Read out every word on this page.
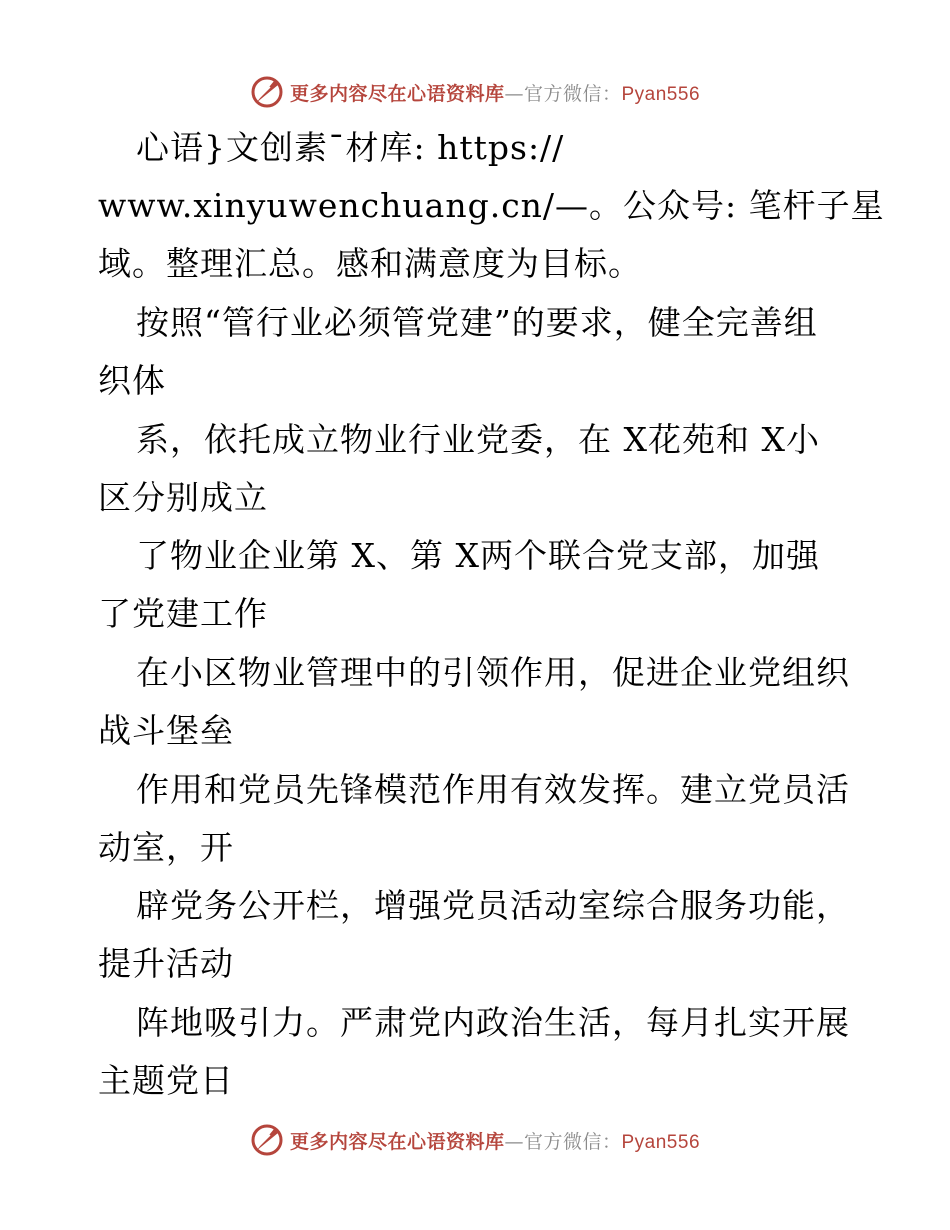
更多内容尽在心语资料库—官方微信：Pyan556
心语}文创素¯材库: https://
www.xinyuwenchuang.cn/—。公众号: 笔杆子星
域。整理汇总。感和满意度为目标。
按照“管行业必须管党建”的要求，健全完善组
织体
系，依托成立物业行业党委，在 X花苑和 X小
区分别成立
了物业企业第 X、第 X两个联合党支部，加强
了党建工作
在小区物业管理中的引领作用，促进企业党组织
战斗堡垒
作用和党员先锋模范作用有效发挥。建立党员活
动室，开
辟党务公开栏，增强党员活动室综合服务功能，
提升活动
阵地吸引力。严肃党内政治生活，每月扎实开展
主题党日
更多内容尽在心语资料库—官方微信：Pyan556
